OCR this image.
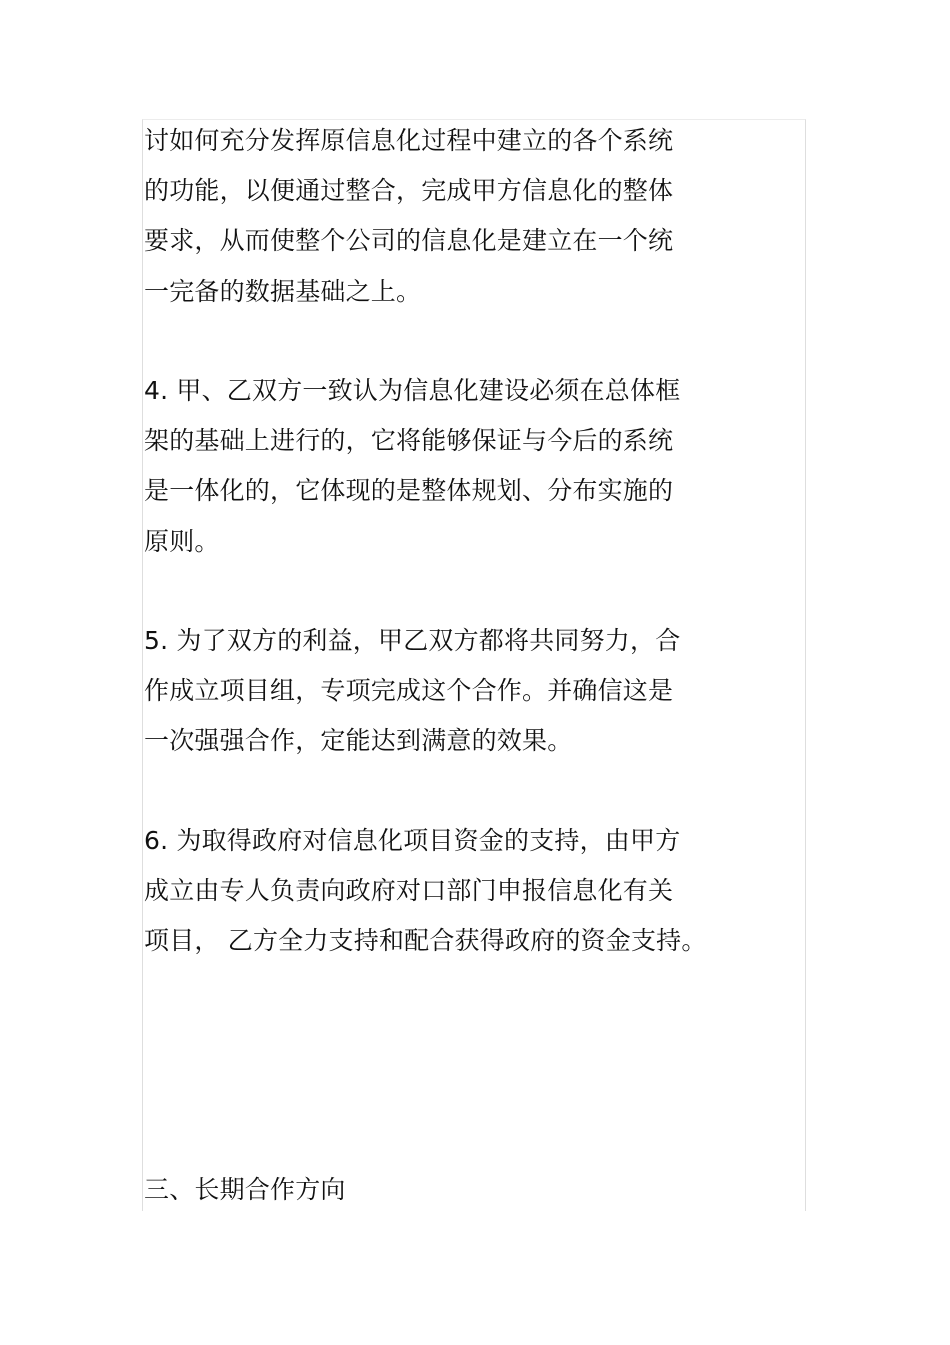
讨如何充分发挥原信息化过程中建立的各个系统
的功能，以便通过整合，完成甲方信息化的整体
要求，从而使整个公司的信息化是建立在一个统
一完备的数据基础之上。
4. 甲、乙双方一致认为信息化建设必须在总体框
架的基础上进行的，它将能够保证与今后的系统
是一体化的，它体现的是整体规划、分布实施的
原则。
5. 为了双方的利益，甲乙双方都将共同努力，合
作成立项目组，专项完成这个合作。并确信这是
一次强强合作，定能达到满意的效果。
6. 为取得政府对信息化项目资金的支持，由甲方
成立由专人负责向政府对口部门申报信息化有关
项目， 乙方全力支持和配合获得政府的资金支持。
三、长期合作方向
